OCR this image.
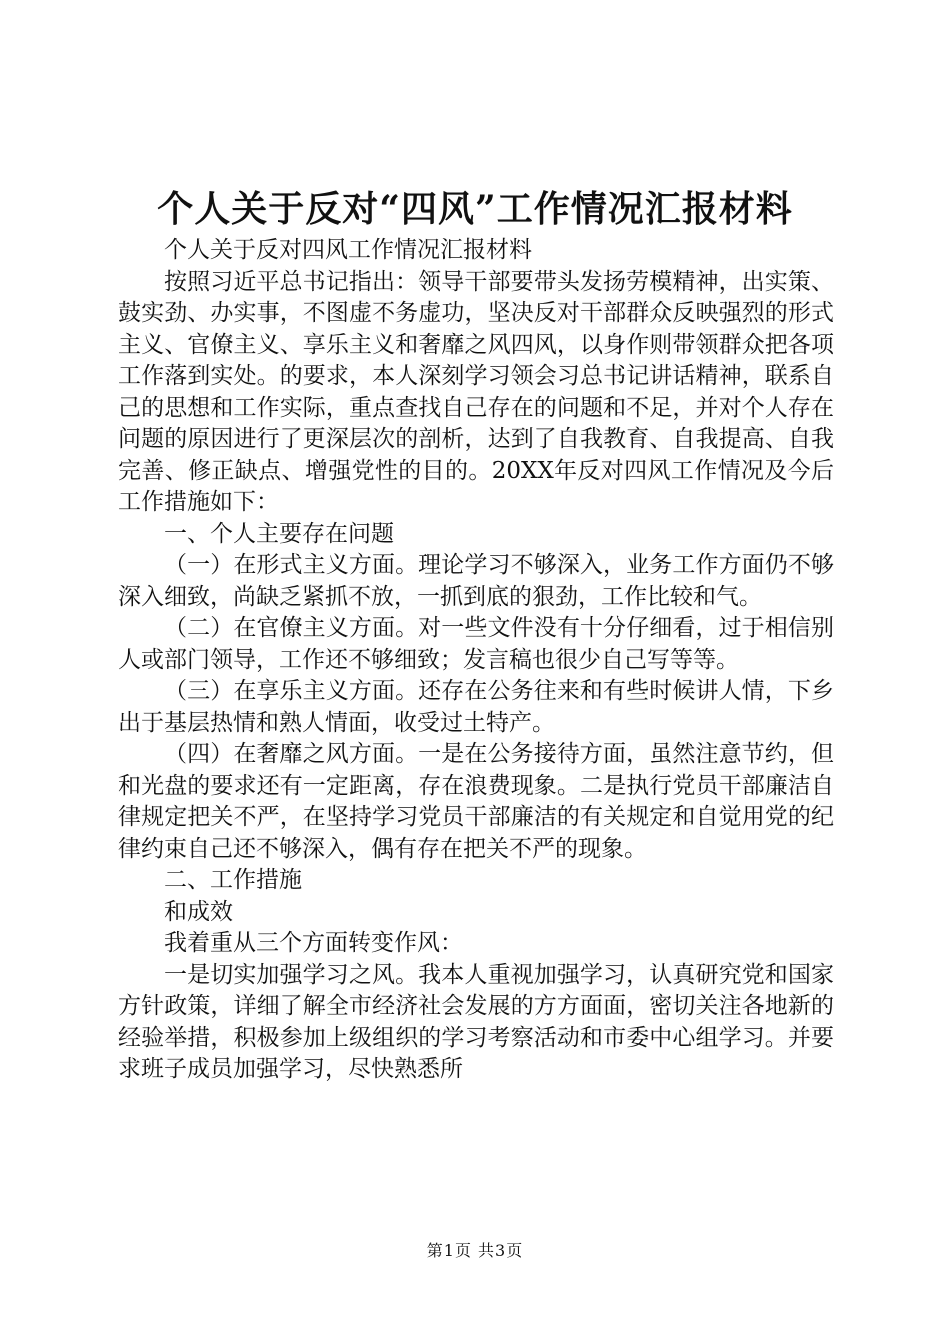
个人关于反对“四风”工作情况汇报材料

个人关于反对四风工作情况汇报材料

按照习近平总书记指出：领导干部要带头发扬劳模精神，出实策、鼓实劲、办实事，不图虚不务虚功，坚决反对干部群众反映强烈的形式主义、官僚主义、享乐主义和奢靡之风四风，以身作则带领群众把各项工作落到实处。的要求，本人深刻学习领会习总书记讲话精神，联系自己的思想和工作实际，重点查找自己存在的问题和不足，并对个人存在问题的原因进行了更深层次的剖析，达到了自我教育、自我提高、自我完善、修正缺点、增强党性的目的。20XX年反对四风工作情况及今后工作措施如下：

一、个人主要存在问题

（一）在形式主义方面。理论学习不够深入，业务工作方面仍不够深入细致，尚缺乏紧抓不放，一抓到底的狠劲，工作比较和气。

（二）在官僚主义方面。对一些文件没有十分仔细看，过于相信别人或部门领导，工作还不够细致；发言稿也很少自己写等等。

（三）在享乐主义方面。还存在公务往来和有些时候讲人情，下乡出于基层热情和熟人情面，收受过土特产。

（四）在奢靡之风方面。一是在公务接待方面，虽然注意节约，但和光盘的要求还有一定距离，存在浪费现象。二是执行党员干部廉洁自律规定把关不严，在坚持学习党员干部廉洁的有关规定和自觉用党的纪律约束自己还不够深入，偶有存在把关不严的现象。

二、工作措施

和成效

我着重从三个方面转变作风：

一是切实加强学习之风。我本人重视加强学习，认真研究党和国家方针政策，详细了解全市经济社会发展的方方面面，密切关注各地新的经验举措，积极参加上级组织的学习考察活动和市委中心组学习。并要求班子成员加强学习，尽快熟悉所

第1页 共3页
